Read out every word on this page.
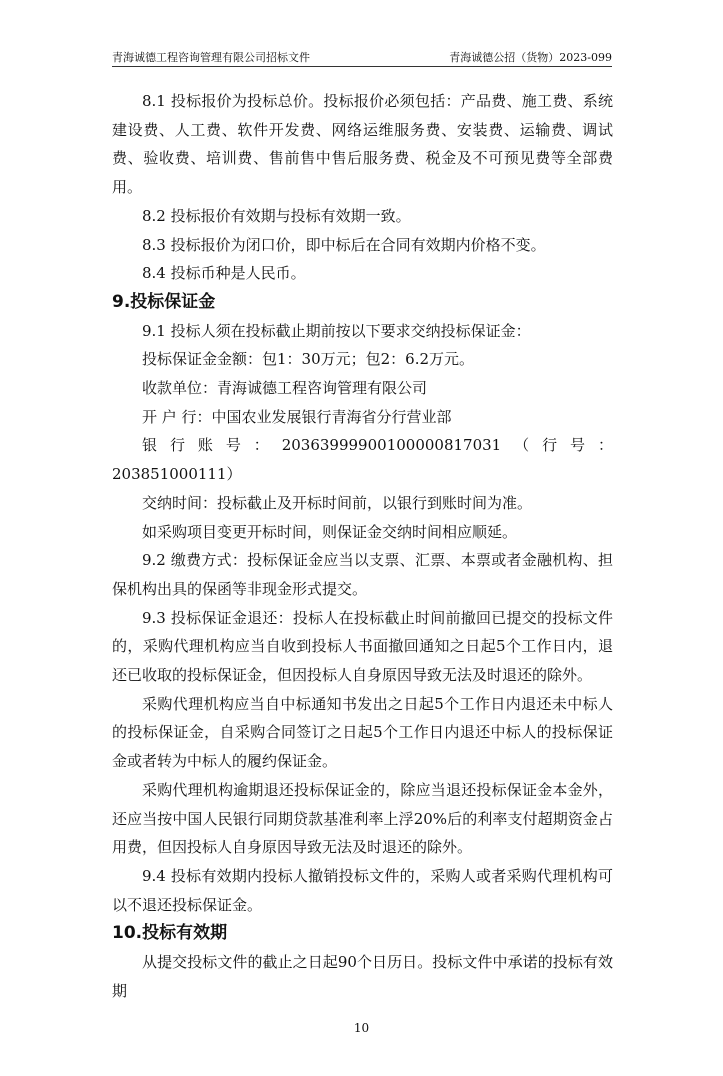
青海诚德工程咨询管理有限公司招标文件	青海诚德公招（货物）2023-099

8.1 投标报价为投标总价。投标报价必须包括：产品费、施工费、系统建设费、人工费、软件开发费、网络运维服务费、安装费、运输费、调试费、验收费、培训费、售前售中售后服务费、税金及不可预见费等全部费用。

8.2 投标报价有效期与投标有效期一致。

8.3 投标报价为闭口价，即中标后在合同有效期内价格不变。

8.4 投标币种是人民币。

9.投标保证金

9.1 投标人须在投标截止期前按以下要求交纳投标保证金：

投标保证金金额：包1：30万元；包2：6.2万元。

收款单位：青海诚德工程咨询管理有限公司

开 户 行：中国农业发展银行青海省分行营业部

银行账号：20363999900100000817031（行号：203851000111）

交纳时间：投标截止及开标时间前，以银行到账时间为准。

如采购项目变更开标时间，则保证金交纳时间相应顺延。

9.2 缴费方式：投标保证金应当以支票、汇票、本票或者金融机构、担保机构出具的保函等非现金形式提交。

9.3 投标保证金退还：投标人在投标截止时间前撤回已提交的投标文件的，采购代理机构应当自收到投标人书面撤回通知之日起5个工作日内，退还已收取的投标保证金，但因投标人自身原因导致无法及时退还的除外。

采购代理机构应当自中标通知书发出之日起5个工作日内退还未中标人的投标保证金，自采购合同签订之日起5个工作日内退还中标人的投标保证金或者转为中标人的履约保证金。

采购代理机构逾期退还投标保证金的，除应当退还投标保证金本金外，还应当按中国人民银行同期贷款基准利率上浮20%后的利率支付超期资金占用费，但因投标人自身原因导致无法及时退还的除外。

9.4 投标有效期内投标人撤销投标文件的，采购人或者采购代理机构可以不退还投标保证金。

10.投标有效期

从提交投标文件的截止之日起90个日历日。投标文件中承诺的投标有效期

10
